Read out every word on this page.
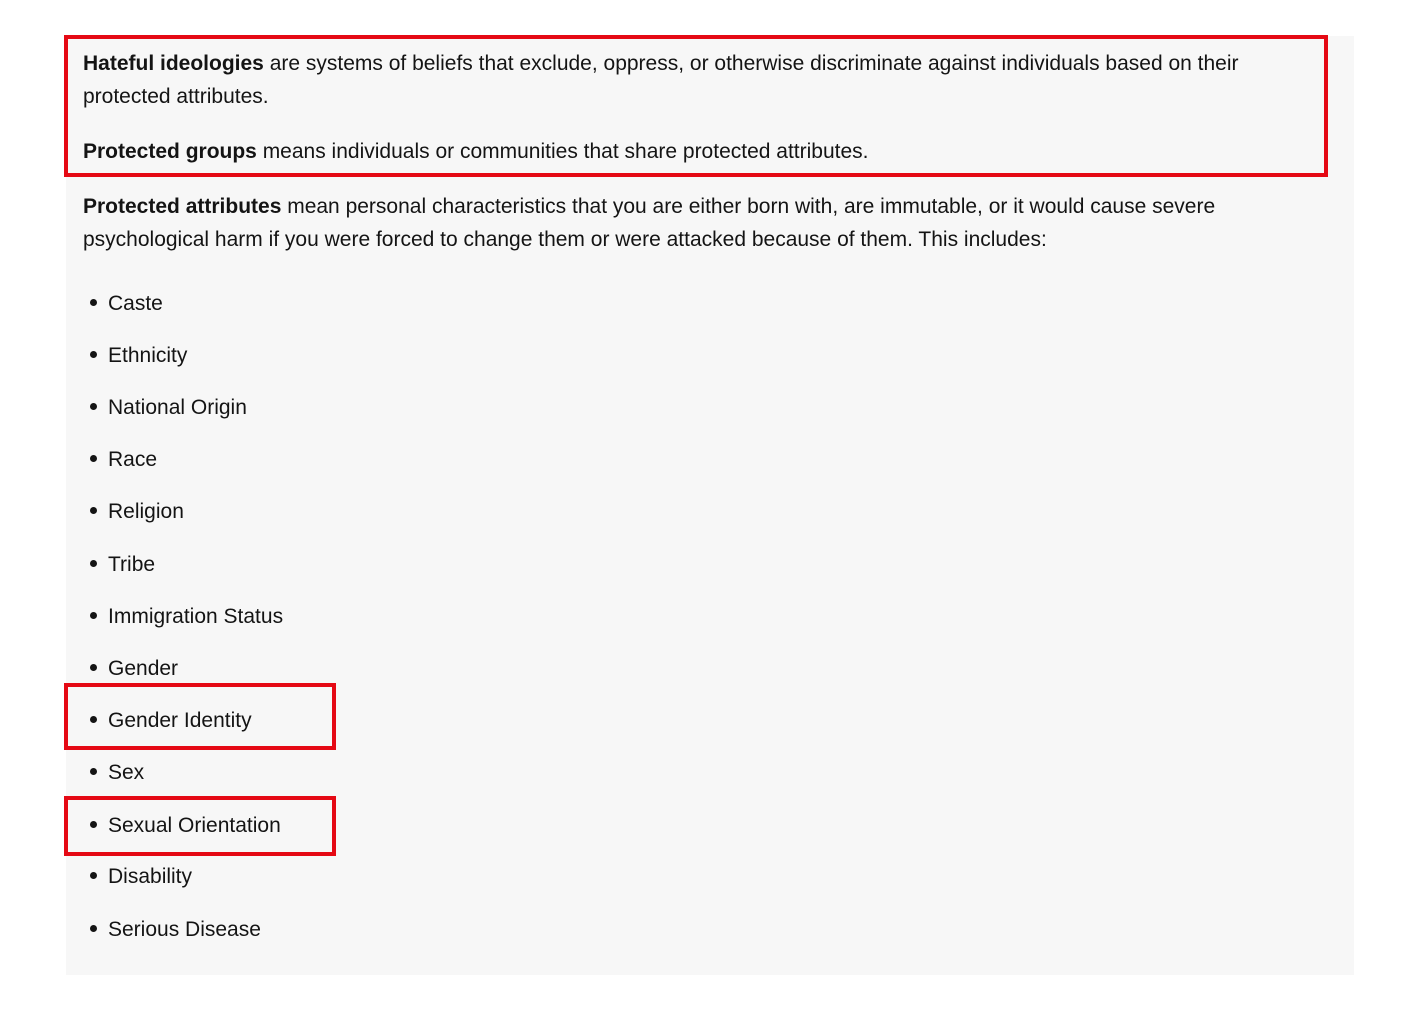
Hateful ideologies are systems of beliefs that exclude, oppress, or otherwise discriminate against individuals based on their protected attributes.

Protected groups means individuals or communities that share protected attributes.

Protected attributes mean personal characteristics that you are either born with, are immutable, or it would cause severe psychological harm if you were forced to change them or were attacked because of them. This includes:

Caste
Ethnicity
National Origin
Race
Religion
Tribe
Immigration Status
Gender
Gender Identity
Sex
Sexual Orientation
Disability
Serious Disease
